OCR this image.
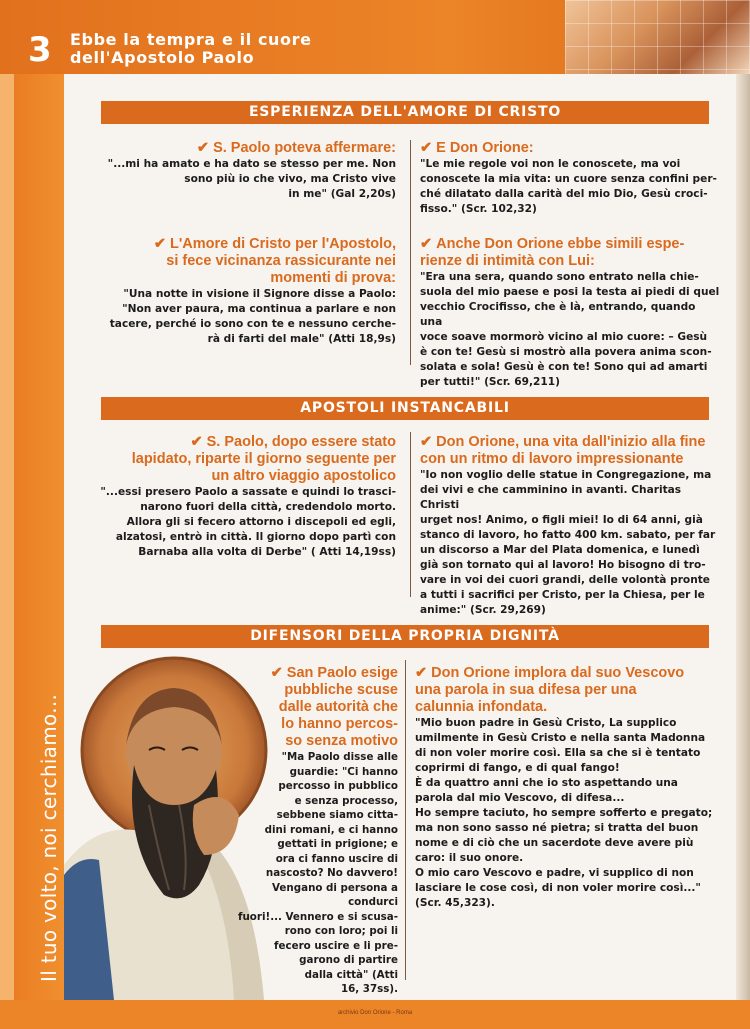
3 Ebbe la tempra e il cuore
dell'Apostolo Paolo
archivio Don Orione - Roma
ESPERIENZA DELL'AMORE DI CRISTO
✔ S. Paolo poteva affermare:
"...mi ha amato e ha dato se stesso per me. Non
sono più io che vivo, ma Cristo vive
in me" (Gal 2,20s)
✔ E Don Orione:
"Le mie regole voi non le conoscete, ma voi
conoscete la mia vita: un cuore senza confini per-
ché dilatato dalla carità del mio Dio, Gesù croci-
fisso." (Scr. 102,32)
✔ L'Amore di Cristo per l'Apostolo,
si fece vicinanza rassicurante nei
momenti di prova:
"Una notte in visione il Signore disse a Paolo:
"Non aver paura, ma continua a parlare e non
tacere, perché io sono con te e nessuno cerche-
rà di farti del male" (Atti 18,9s)
✔ Anche Don Orione ebbe simili espe-
rienze di intimità con Lui:
"Era una sera, quando sono entrato nella chie-
suola del mio paese e posi la testa ai piedi di quel
vecchio Crocifisso, che è là, entrando, quando una
voce soave mormorò vicino al mio cuore: – Gesù
è con te! Gesù si mostrò alla povera anima scon-
solata e sola! Gesù è con te! Sono qui ad amarti
per tutti!" (Scr. 69,211)
APOSTOLI INSTANCABILI
✔ S. Paolo, dopo essere stato
lapidato, riparte il giorno seguente per
un altro viaggio apostolico
"...essi presero Paolo a sassate e quindi lo trasci-
narono fuori della città, credendolo morto.
Allora gli si fecero attorno i discepoli ed egli,
alzatosi, entrò in città. Il giorno dopo partì con
Barnaba alla volta di Derbe" ( Atti 14,19ss)
✔ Don Orione, una vita dall'inizio alla fine
con un ritmo di lavoro impressionante
"Io non voglio delle statue in Congregazione, ma
dei vivi e che camminino in avanti. Charitas Christi
urget nos! Animo, o figli miei! Io di 64 anni, già
stanco di lavoro, ho fatto 400 km. sabato, per far
un discorso a Mar del Plata domenica, e lunedì
già son tornato qui al lavoro! Ho bisogno di tro-
vare in voi dei cuori grandi, delle volontà pronte
a tutti i sacrifici per Cristo, per la Chiesa, per le
anime:" (Scr. 29,269)
DIFENSORI DELLA PROPRIA DIGNITÀ
✔ San Paolo esige
pubbliche scuse
dalle autorità che
lo hanno percos-
so senza motivo
"Ma Paolo disse alle
guardie: "Ci hanno
percosso in pubblico
e senza processo,
sebbene siamo citta-
dini romani, e ci hanno
gettati in prigione; e
ora ci fanno uscire di
nascosto? No davvero!
Vengano di persona a condurci
fuori!... Vennero e si scusa-
rono con loro; poi li
fecero uscire e li pre-
garono di partire
dalla città" (Atti
16, 37ss).
✔ Don Orione implora dal suo Vescovo
una parola in sua difesa per una
calunnia infondata.
"Mio buon padre in Gesù Cristo, La supplico
umilmente in Gesù Cristo e nella santa Madonna
di non voler morire così. Ella sa che si è tentato
coprirmi di fango, e di qual fango!
È da quattro anni che io sto aspettando una
parola dal mio Vescovo, di difesa...
Ho sempre taciuto, ho sempre sofferto e pregato;
ma non sono sasso né pietra; si tratta del buon
nome e di ciò che un sacerdote deve avere più
caro: il suo onore.
O mio caro Vescovo e padre, vi supplico di non
lasciare le cose così, di non voler morire così..."
(Scr. 45,323).
Il tuo volto, noi cerchiamo...
